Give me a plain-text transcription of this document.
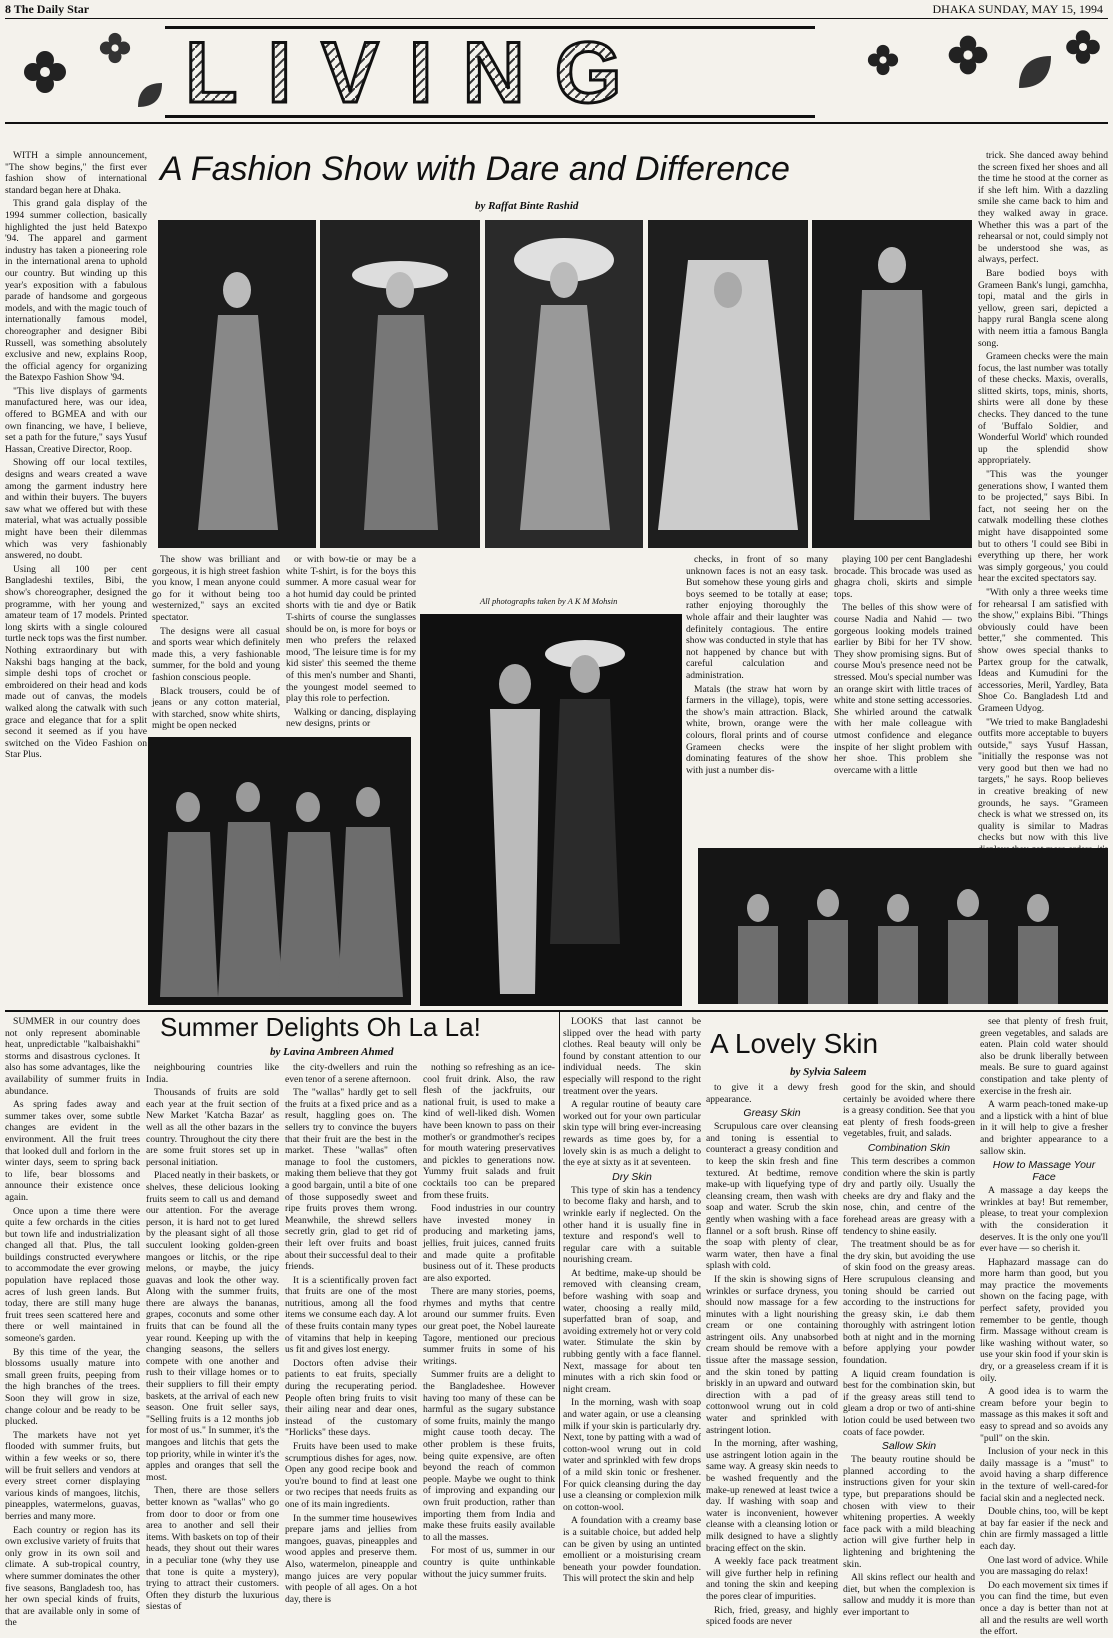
8 The Daily Star	DHAKA SUNDAY, MAY 15, 1994
LIVING

WITH a simple announcement, "The show begins," the first ever fashion show of international standard began here at Dhaka.

This grand gala display of the 1994 summer collection, basically highlighted the just held Batexpo '94. The apparel and garment industry has taken a pioneering role in the international arena to uphold our country. But winding up this year's exposition with a fabulous parade of handsome and gorgeous models, and with the magic touch of internationally famous model, choreographer and designer Bibi Russell, was something absolutely exclusive and new, explains Roop, the official agency for organizing the Batexpo Fashion Show '94.

"This live displays of garments manufactured here, was our idea, offered to BGMEA and with our own financing, we have, I believe, set a path for the future," says Yusuf Hassan, Creative Director, Roop.

Showing off our local textiles, designs and wears created a wave among the garment industry here and within their buyers. The buyers saw what we offered but with these material, what was actually possible might have been their dilemmas which was very fashionably answered, no doubt.

Using all 100 per cent Bangladeshi textiles, Bibi, the show's choreographer, designed the programme, with her young and amateur team of 17 models. Printed long skirts with a single coloured turtle neck tops was the first number. Nothing extraordinary but with Nakshi bags hanging at the back, simple deshi tops of crochet or embroidered on their head and kods made out of canvas, the models walked along the catwalk with such grace and elegance that for a split second it seemed as if you have switched on the Video Fashion on Star Plus.

A Fashion Show with Dare and Difference
by Raffat Binte Rashid

trick. She danced away behind the screen fixed her shoes and all the time he stood at the corner as if she left him. With a dazzling smile she came back to him and they walked away in grace. Whether this was a part of the rehearsal or not, could simply not be understood she was, as always, perfect.

Bare bodied boys with Grameen Bank's lungi, gamchha, topi, matal and the girls in yellow, green sari, depicted a happy rural Bangla scene along with neem ittia a famous Bangla song.

Grameen checks were the main focus, the last number was totally of these checks. Maxis, overalls, slitted skirts, tops, minis, shorts, shirts were all done by these checks. They danced to the tune of 'Buffalo Soldier, and Wonderful World' which rounded up the splendid show appropriately.

"This was the younger generations show, I wanted them to be projected," says Bibi. In fact, not seeing her on the catwalk modelling these clothes might have disappointed some but to others 'I could see Bibi in everything up there, her work was simply gorgeous,' you could hear the excited spectators say.

"With only a three weeks time for rehearsal I am satisfied with the show," explains Bibi. "Things obviously could have been better," she commented. This show owes special thanks to Partex group for the catwalk, Ideas and Kumudini for the accessories, Meril, Yardley, Bata Shoe Co. Bangladesh Ltd and Grameen Udyog.

"We tried to make Bangladeshi outfits more acceptable to buyers outside," says Yusuf Hassan, "initially the response was not very good but then we had no targets," he says. Roop believes in creative breaking of new grounds, he says. "Grameen check is what we stressed on, its quality is similar to Madras checks but now with this live

The show was brilliant and gorgeous, it is high street fashion you know, I mean anyone could go for it without being too westernized," says an excited spectator.

The designs were all casual and sports wear which definitely made this, a very fashionable summer, for the bold and young fashion conscious people.

Black trousers, could be of jeans or any cotton material, with starched, snow white shirts, might be open necked

or with bow-tie or may be a white T-shirt, is for the boys this summer. A more casual wear for a hot humid day could be printed shorts with tie and dye or Batik T-shirts of course the sunglasses should be on, is more for boys or men who prefers the relaxed mood, 'The leisure time is for my kid sister' this seemed the theme of this men's number and Shanti, the youngest model seemed to play this role to perfection.

Walking or dancing, displaying new designs, prints or

All photographs taken by A K M Mohsin

checks, in front of so many unknown faces is not an easy task. But somehow these young girls and boys seemed to be totally at ease; rather enjoying thoroughly the whole affair and their laughter was definitely contagious. The entire show was conducted in style that has not happened by chance but with careful calculation and administration.

Matals (the straw hat worn by farmers in the village), topis, were the show's main attraction. Black, white, brown, orange were the colours, floral prints and of course Grameen checks were the dominating features of the show with just a number dis-

playing 100 per cent Bangladeshi brocade. This brocade was used as ghagra choli, skirts and simple tops.

The belles of this show were of course Nadia and Nahid — two gorgeous looking models trained earlier by Bibi for her TV show. They show promising signs. But of course Mou's presence need not be stressed. Mou's special number was an orange skirt with little traces of white and stone setting accessories. She whirled around the catwalk with her male colleague with utmost confidence and elegance inspite of her slight problem with her shoe. This problem she overcame with a little

Summer Delights Oh La La!
by Lavina Ambreen Ahmed

SUMMER in our country does not only represent abominable heat, unpredictable "kalbaishakhi" storms and disastrous cyclones. It also has some advantages, like the availability of summer fruits in abundance.

As spring fades away and summer takes over, some subtle changes are evident in the environment. All the fruit trees that looked dull and forlorn in the winter days, seem to spring back to life, bear blossoms and announce their existence once again.

Once upon a time there were quite a few orchards in the cities but town life and industrialization changed all that. Plus, the tall buildings constructed everywhere to accommodate the ever growing population have replaced those acres of lush green lands. But today, there are still many huge fruit trees seen scattered here and there or well maintained in someone's garden.

By this time of the year, the blossoms usually mature into small green fruits, peeping from the high branches of the trees. Soon they will grow in size, change colour and be ready to be plucked.

The markets have not yet flooded with summer fruits, but within a few weeks or so, there will be fruit sellers and vendors at every street corner displaying various kinds of mangoes, litchis, pineapples, watermelons, guavas, berries and many more.

Each country or region has its own exclusive variety of fruits that only grow in its own soil and climate. A sub-tropical country, where summer dominates the other five seasons, Bangladesh too, has her own special kinds of fruits, that are available only in some of the

neighbouring countries like India.

Thousands of fruits are sold each year at the fruit section of New Market 'Katcha Bazar' as well as all the other bazars in the country. Throughout the city there are some fruit stores set up in personal initiation.

Placed neatly in their baskets, or shelves, these delicious looking fruits seem to call us and demand our attention. For the average person, it is hard not to get lured by the pleasant sight of all those succulent looking golden-green mangoes or litchis, or the ripe melons, or maybe, the juicy guavas and look the other way. Along with the summer fruits, there are always the bananas, grapes, coconuts and some other fruits that can be found all the year round. Keeping up with the changing seasons, the sellers compete with one another and rush to their village homes or to their suppliers to fill their empty baskets, at the arrival of each new season. One fruit seller says, "Selling fruits is a 12 months job for most of us." In summer, it's the mangoes and litchis that gets the top priority, while in winter it's the apples and oranges that sell the most.

Then, there are those sellers better known as "wallas" who go from door to door or from one area to another and sell their items. With baskets on top of their heads, they shout out their wares in a peculiar tone (why they use that tone is quite a mystery), trying to attract their customers. Often they disturb the luxurious siestas of

the city-dwellers and ruin the even tenor of a serene afternoon.

The "wallas" hardly get to sell the fruits at a fixed price and as a result, haggling goes on. The sellers try to convince the buyers that their fruit are the best in the market. These "wallas" often manage to fool the customers, making them believe that they got a good bargain, until a bite of one of those supposedly sweet and ripe fruits proves them wrong. Meanwhile, the shrewd sellers secretly grin, glad to get rid of their left over fruits and boast about their successful deal to their friends.

It is a scientifically proven fact that fruits are one of the most nutritious, among all the food items we consume each day. A lot of these fruits contain many types of vitamins that help in keeping us fit and gives lost energy.

Doctors often advise their patients to eat fruits, specially during the recuperating period. People often bring fruits to visit their ailing near and dear ones, instead of the customary "Horlicks" these days.

Fruits have been used to make scrumptious dishes for ages, now. Open any good recipe book and you're bound to find at least one or two recipes that needs fruits as one of its main ingredients.

In the summer time housewives prepare jams and jellies from mangoes, guavas, pineapples and wood apples and preserve them. Also, watermelon, pineapple and mango juices are very popular with people of all ages. On a hot day, there is

nothing so refreshing as an ice-cool fruit drink. Also, the raw flesh of the jackfruits, our national fruit, is used to make a kind of well-liked dish. Women have been known to pass on their mother's or grandmother's recipes for mouth watering preservatives and pickles to generations now. Yummy fruit salads and fruit cocktails too can be prepared from these fruits.

Food industries in our country have invested money in producing and marketing jams, jellies, fruit juices, canned fruits and made quite a profitable business out of it. These products are also exported.

There are many stories, poems, rhymes and myths that centre around our summer fruits. Even our great poet, the Nobel laureate Tagore, mentioned our precious summer fruits in some of his writings.

Summer fruits are a delight to the Bangladeshee. However having too many of these can be harmful as the sugary substance of some fruits, mainly the mango might cause tooth decay. The other problem is these fruits, being quite expensive, are often beyond the reach of common people. Maybe we ought to think of improving and expanding our own fruit production, rather than importing them from India and make these fruits easily available to all the masses.

For most of us, summer in our country is quite unthinkable without the juicy summer fruits.

A Lovely Skin
by Sylvia Saleem

LOOKS that last cannot be slipped over the head with party clothes. Real beauty will only be found by constant attention to our individual needs. The skin especially will respond to the right treatment over the years.

A regular routine of beauty care worked out for your own particular skin type will bring ever-increasing rewards as time goes by, for a lovely skin is as much a delight to the eye at sixty as it at seventeen.

Dry Skin

This type of skin has a tendency to become flaky and harsh, and to wrinkle early if neglected. On the other hand it is usually fine in texture and respond's well to regular care with a suitable nourishing cream.

At bedtime, make-up should be removed with cleansing cream, before washing with soap and water, choosing a really mild, superfatted bran of soap, and avoiding extremely hot or very cold water. Stimulate the skin by rubbing gently with a face flannel. Next, massage for about ten minutes with a rich skin food or night cream.

In the morning, wash with soap and water again, or use a cleansing milk if your skin is particularly dry. Next, tone by patting with a wad of cotton-wool wrung out in cold water and sprinkled with few drops of a mild skin tonic or freshener. For quick cleansing during the day use a cleansing or complexion milk on cotton-wool.

A foundation with a creamy base is a suitable choice, but added help can be given by using an untinted emollient or a moisturising cream beneath your powder foundation. This will protect the skin and help

to give it a dewy fresh appearance.

Greasy Skin

Scrupulous care over cleansing and toning is essential to counteract a greasy condition and to keep the skin fresh and fine textured. At bedtime, remove make-up with liquefying type of cleansing cream, then wash with soap and water. Scrub the skin gently when washing with a face flannel or a soft brush. Rinse off the soap with plenty of clear, warm water, then have a final splash with cold.

If the skin is showing signs of wrinkles or surface dryness, you should now massage for a few minutes with a light nourishing cream or one containing astringent oils. Any unabsorbed cream should be remove with a tissue after the massage session, and the skin toned by patting briskly in an upward and outward direction with a pad of cottonwool wrung out in cold water and sprinkled with astringent lotion.

In the morning, after washing, use astringent lotion again in the same way. A greasy skin needs to be washed frequently and the make-up renewed at least twice a day. If washing with soap and water is inconvenient, however cleanse with a cleansing lotion or milk designed to have a slightly bracing effect on the skin.

A weekly face pack treatment will give further help in refining and toning the skin and keeping the pores clear of impurities.

Rich, fried, greasy, and highly spiced foods are never

good for the skin, and should certainly be avoided where there is a greasy condition. See that you eat plenty of fresh foods-green vegetables, fruit, and salads.

Combination Skin

This term describes a common condition where the skin is partly dry and partly oily. Usually the cheeks are dry and flaky and the nose, chin, and centre of the forehead areas are greasy with a tendency to shine easily.

The treatment should be as for the dry skin, but avoiding the use of skin food on the greasy areas. Here scrupulous cleansing and toning should be carried out according to the instructions for the greasy skin, i.e dab them thoroughly with astringent lotion both at night and in the morning before applying your powder foundation.

A liquid cream foundation is best for the combination skin, but if the greasy areas still tend to gleam a drop or two of anti-shine lotion could be used between two coats of face powder.

Sallow Skin

The beauty routine should be planned according to the instructions given for your skin type, but preparations should be chosen with view to their whitening properties. A weekly face pack with a mild bleaching action will give further help in lightening and brightening the skin.

All skins reflect our health and diet, but when the complexion is sallow and muddy it is more than ever important to

see that plenty of fresh fruit, green vegetables, and salads are eaten. Plain cold water should also be drunk liberally between meals. Be sure to guard against constipation and take plenty of exercise in the fresh air.

A warm peach-toned make-up and a lipstick with a hint of blue in it will help to give a fresher and brighter appearance to a sallow skin.

How to Massage Your Face

A massage a day keeps the wrinkles at bay! But remember, please, to treat your complexion with the consideration it deserves. It is the only one you'll ever have — so cherish it.

Haphazard massage can do more harm than good, but you may practice the movements shown on the facing page, with perfect safety, provided you remember to be gentle, though firm. Massage without cream is like washing without water, so use your skin food if your skin is dry, or a greaseless cream if it is oily.

A good idea is to warm the cream before your begin to massage as this makes it soft and easy to spread and so avoids any "pull" on the skin.

Inclusion of your neck in this daily massage is a "must" to avoid having a sharp difference in the texture of well-cared-for facial skin and a neglected neck.

Double chins, too, will be kept at bay far easier if the neck and chin are firmly massaged a little each day.

One last word of advice. While you are massaging do relax!

Do each movement six times if you can find the time, but even once a day is better than not at all and the results are well worth the effort.
